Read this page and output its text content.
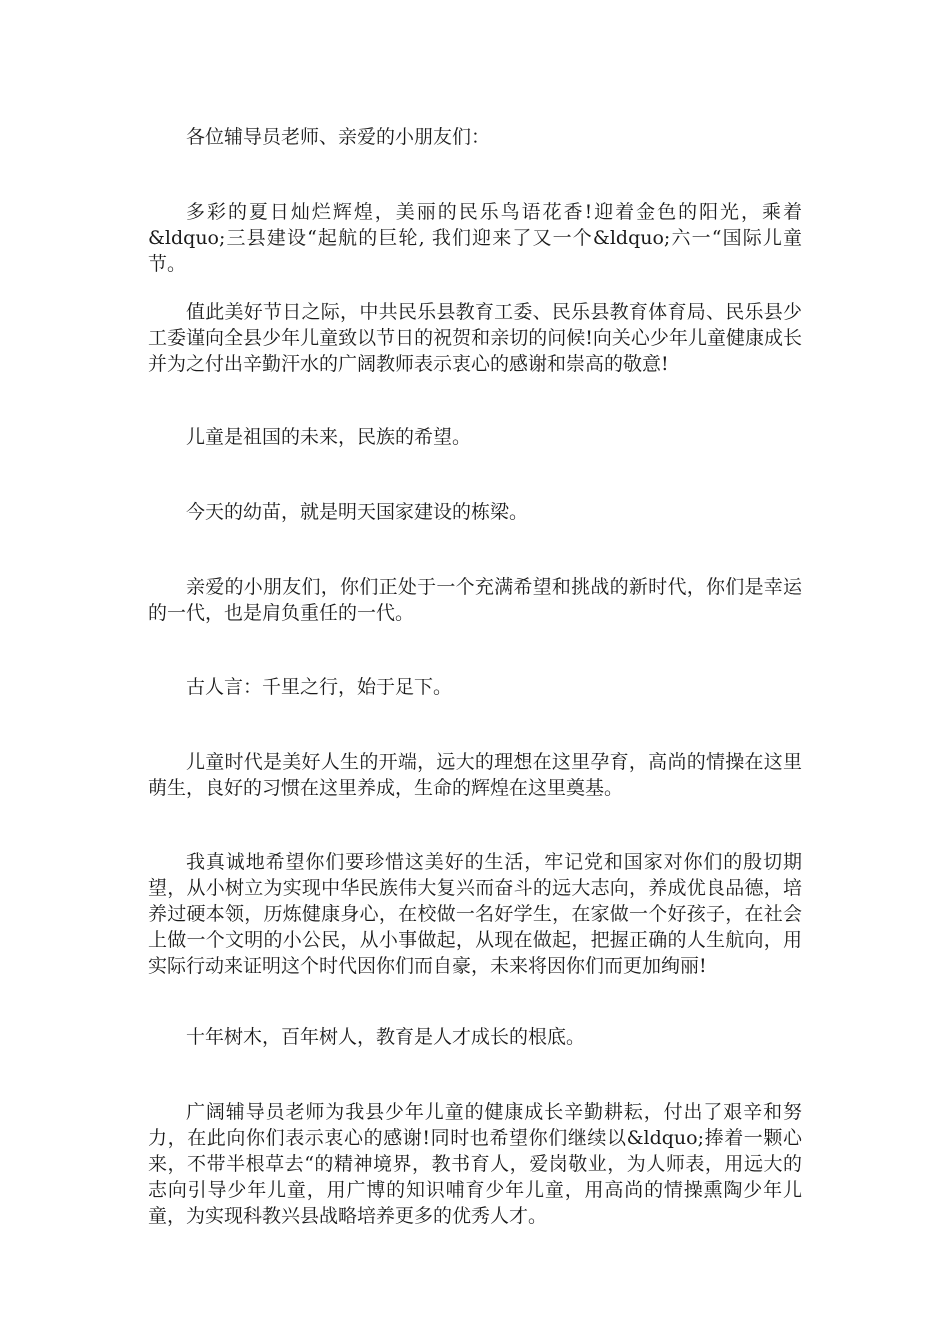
各位辅导员老师、亲爱的小朋友们：

多彩的夏日灿烂辉煌，美丽的民乐鸟语花香!迎着金色的阳光，乘着&ldquo;三县建设“起航的巨轮, 我们迎来了又一个&ldquo;六一“国际儿童节。

值此美好节日之际，中共民乐县教育工委、民乐县教育体育局、民乐县少工委谨向全县少年儿童致以节日的祝贺和亲切的问候!向关心少年儿童健康成长并为之付出辛勤汗水的广阔教师表示衷心的感谢和崇高的敬意!

儿童是祖国的未来，民族的希望。

今天的幼苗，就是明天国家建设的栋梁。

亲爱的小朋友们，你们正处于一个充满希望和挑战的新时代，你们是幸运的一代，也是肩负重任的一代。

古人言：千里之行，始于足下。

儿童时代是美好人生的开端，远大的理想在这里孕育，高尚的情操在这里萌生，良好的习惯在这里养成，生命的辉煌在这里奠基。

我真诚地希望你们要珍惜这美好的生活，牢记党和国家对你们的殷切期望，从小树立为实现中华民族伟大复兴而奋斗的远大志向，养成优良品德，培养过硬本领，历炼健康身心，在校做一名好学生，在家做一个好孩子，在社会上做一个文明的小公民，从小事做起，从现在做起，把握正确的人生航向，用实际行动来证明这个时代因你们而自豪，未来将因你们而更加绚丽!

十年树木，百年树人，教育是人才成长的根底。

广阔辅导员老师为我县少年儿童的健康成长辛勤耕耘，付出了艰辛和努力，在此向你们表示衷心的感谢!同时也希望你们继续以&ldquo;捧着一颗心来，不带半根草去“的精神境界，教书育人，爱岗敬业，为人师表，用远大的志向引导少年儿童，用广博的知识哺育少年儿童，用高尚的情操熏陶少年儿童，为实现科教兴县战略培养更多的优秀人才。
